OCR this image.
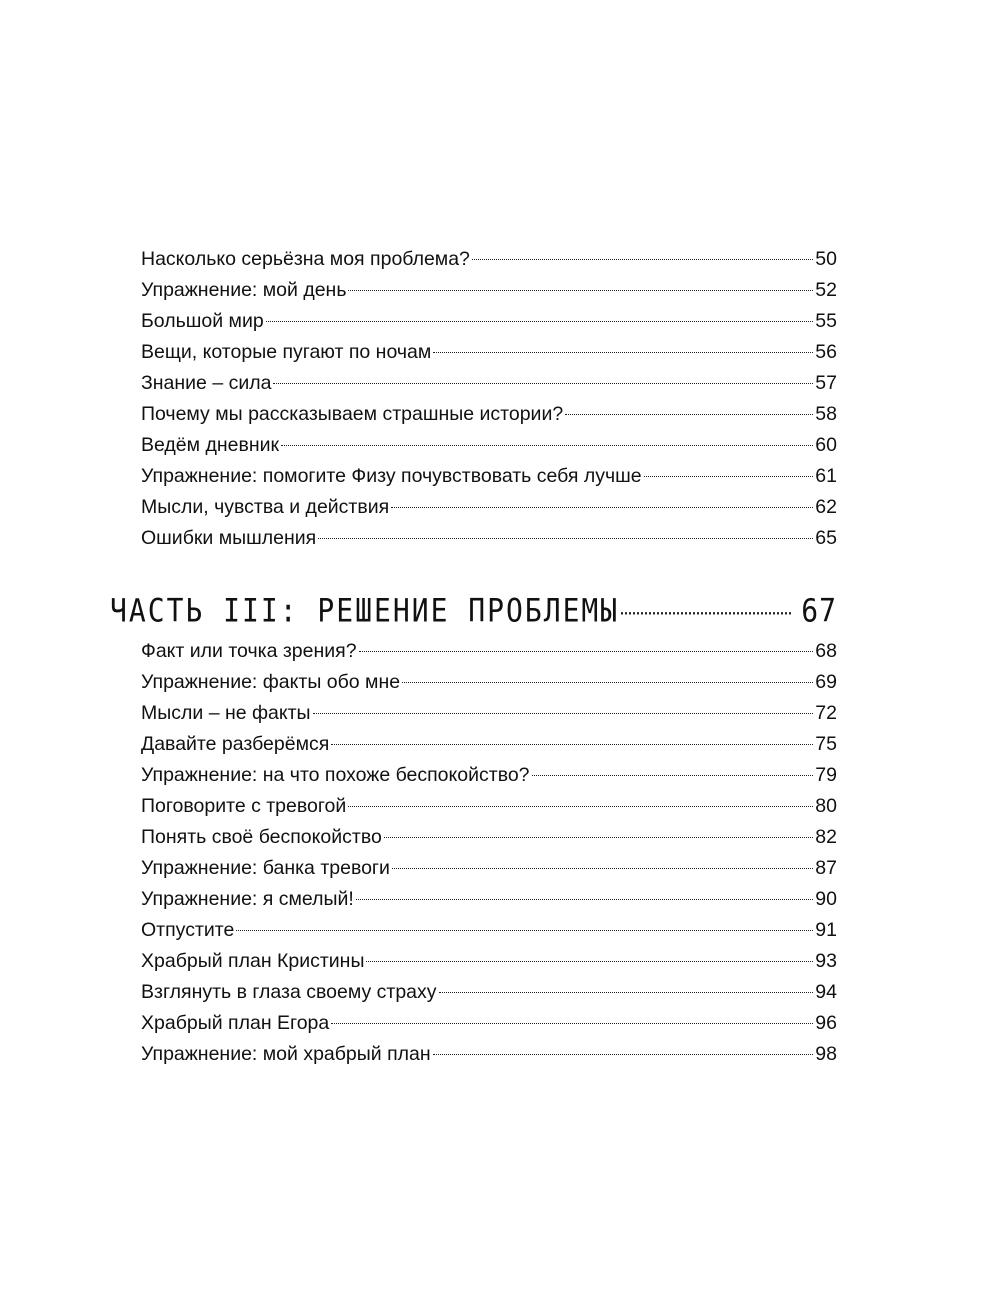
Насколько серьёзна моя проблема?	50
Упражнение: мой день	52
Большой мир	55
Вещи, которые пугают по ночам	56
Знание – сила	57
Почему мы рассказываем страшные истории?	58
Ведём дневник	60
Упражнение: помогите Физу почувствовать себя лучше	61
Мысли, чувства и действия	62
Ошибки мышления	65
ЧАСТЬ III: РЕШЕНИЕ ПРОБЛЕМЫ	67
Факт или точка зрения?	68
Упражнение: факты обо мне	69
Мысли – не факты	72
Давайте разберёмся	75
Упражнение: на что похоже беспокойство?	79
Поговорите с тревогой	80
Понять своё беспокойство	82
Упражнение: банка тревоги	87
Упражнение: я смелый!	90
Отпустите	91
Храбрый план Кристины	93
Взглянуть в глаза своему страху	94
Храбрый план Егора	96
Упражнение: мой храбрый план	98
